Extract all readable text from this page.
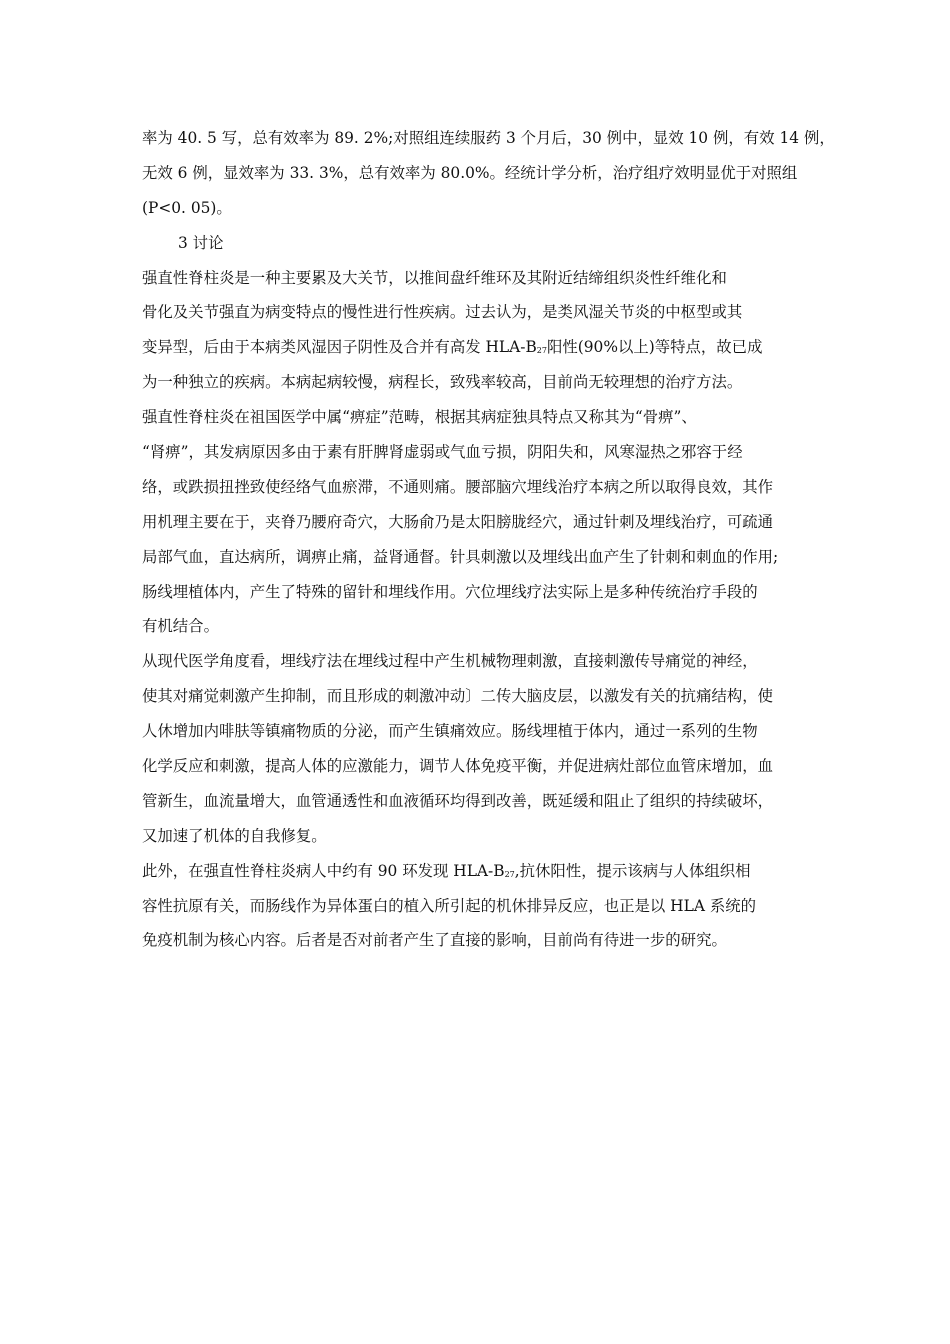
率为 40. 5 写，总有效率为 89. 2%;对照组连续服药 3 个月后，30 例中，显效 10 例，有效 14 例，
无效 6 例，显效率为 33. 3%，总有效率为 80.0%。经统计学分析，治疗组疗效明显优于对照组
(P<0. 05)。
3 讨论
强直性脊柱炎是一种主要累及大关节，以推间盘纤维环及其附近结缔组织炎性纤维化和
骨化及关节强直为病变特点的慢性进行性疾病。过去认为，是类风湿关节炎的中枢型或其
变异型，后由于本病类风湿因子阴性及合并有高发 HLA-$B_{27}$阳性(90%以上)等特点，故已成
为一种独立的疾病。本病起病较慢，病程长，致残率较高，目前尚无较理想的治疗方法。
强直性脊柱炎在祖国医学中属“痹症”范畴，根据其病症独具特点又称其为“骨痹”、
“肾痹”，其发病原因多由于素有肝脾肾虚弱或气血亏损，阴阳失和，风寒湿热之邪容于经
络，或跌损扭挫致使经络气血瘀滞，不通则痛。腰部脑穴埋线治疗本病之所以取得良效，其作
用机理主要在于，夹脊乃腰府奇穴，大肠俞乃是太阳膀胧经穴，通过针刺及埋线治疗，可疏通
局部气血，直达病所，调痹止痛，益肾通督。针具刺激以及埋线出血产生了针刺和刺血的作用;
肠线埋植体内，产生了特殊的留针和埋线作用。穴位埋线疗法实际上是多种传统治疗手段的
有机结合。
从现代医学角度看，埋线疗法在埋线过程中产生机械物理刺激，直接刺激传导痛觉的神经，
使其对痛觉刺激产生抑制，而且形成的刺激冲动〕二传大脑皮层，以激发有关的抗痛结构，使
人休增加内啡肤等镇痛物质的分泌，而产生镇痛效应。肠线埋植于体内，通过一系列的生物
化学反应和刺激，提高人体的应激能力，调节人体免疫平衡，并促进病灶部位血管床增加，血
管新生，血流量增大，血管通透性和血液循环均得到改善，既延缓和阻止了组织的持续破坏，
又加速了机体的自我修复。
此外，在强直性脊柱炎病人中约有 90 环发现 HLA-$B_{27}$,抗休阳性，提示该病与人体组织相
容性抗原有关，而肠线作为异体蛋白的植入所引起的机休排异反应，也正是以 HLA 系统的
免疫机制为核心内容。后者是否对前者产生了直接的影响，目前尚有待进一步的研究。
